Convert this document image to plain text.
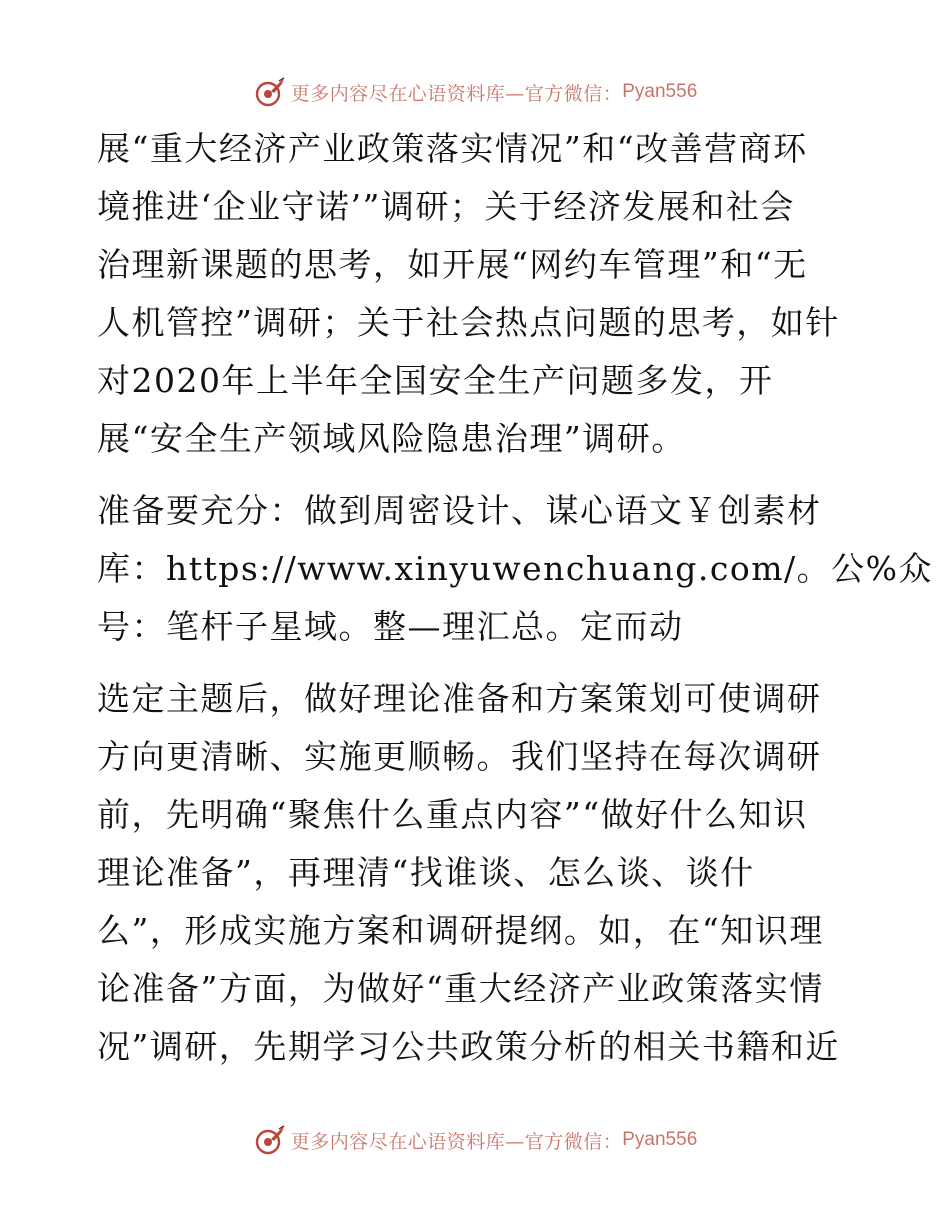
更多内容尽在心语资料库—官方微信： Pyan556
展“重大经济产业政策落实情况”和“改善营商环
境推进‘企业守诺’”调研；关于经济发展和社会
治理新课题的思考，如开展“网约车管理”和“无
人机管控”调研；关于社会热点问题的思考，如针
对2020年上半年全国安全生产问题多发，开
展“安全生产领域风险隐患治理”调研。
准备要充分：做到周密设计、谋心语文￥创素材
库：https://www.xinyuwenchuang.com/。公%众
号：笔杆子星域。整—理汇总。定而动
选定主题后，做好理论准备和方案策划可使调研
方向更清晰、实施更顺畅。我们坚持在每次调研
前，先明确“聚焦什么重点内容”“做好什么知识
理论准备”，再理清“找谁谈、怎么谈、谈什
么”，形成实施方案和调研提纲。如，在“知识理
论准备”方面，为做好“重大经济产业政策落实情
况”调研，先期学习公共政策分析的相关书籍和近
更多内容尽在心语资料库—官方微信： Pyan556
